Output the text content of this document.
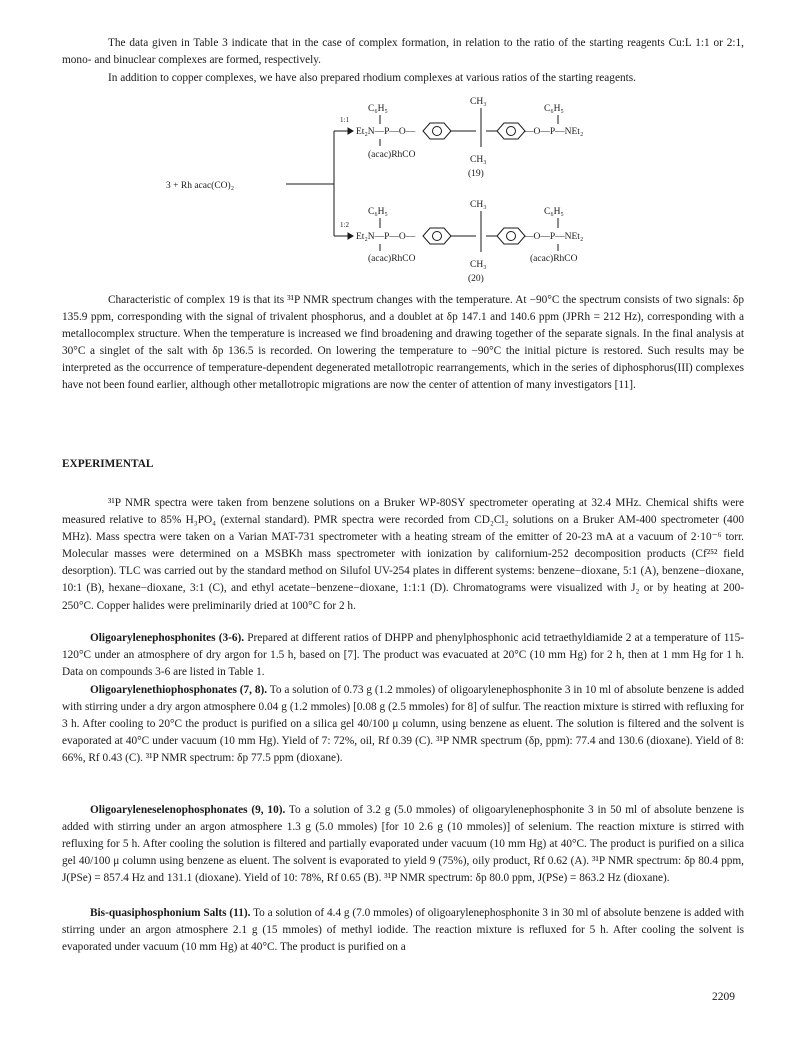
The data given in Table 3 indicate that in the case of complex formation, in relation to the ratio of the starting reagents Cu:L 1:1 or 2:1, mono- and binuclear complexes are formed, respectively.

In addition to copper complexes, we have also prepared rhodium complexes at various ratios of the starting reagents.

C₆H₅
CH₃
C₆H₅
1:1
Et₂N—P—O—	—O—P—NEt₂
(acac)RhCO	CH₃
(19)
3 + Rh acac(CO)₂
C₆H₅
CH₃
C₆H₅
1:2
Et₂N—P—O—	—O—P—NEt₂
(acac)RhCO
CH₃
(acac)RhCO
(20)

Characteristic of complex 19 is that its ³¹P NMR spectrum changes with the temperature. At −90°C the spectrum consists of two signals: δp 135.9 ppm, corresponding with the signal of trivalent phosphorus, and a doublet at δp 147.1 and 140.6 ppm (JPRh = 212 Hz), corresponding with a metallocomplex structure. When the temperature is increased we find broadening and drawing together of the separate signals. In the final analysis at 30°C a singlet of the salt with δp 136.5 is recorded. On lowering the temperature to −90°C the initial picture is restored. Such results may be interpreted as the occurrence of temperature-dependent degenerated metallotropic rearrangements, which in the series of diphosphorus(III) complexes have not been found earlier, although other metallotropic migrations are now the center of attention of many investigators [11].

EXPERIMENTAL

³¹P NMR spectra were taken from benzene solutions on a Bruker WP-80SY spectrometer operating at 32.4 MHz. Chemical shifts were measured relative to 85% H₃PO₄ (external standard). PMR spectra were recorded from CD₂Cl₂ solutions on a Bruker AM-400 spectrometer (400 MHz). Mass spectra were taken on a Varian MAT-731 spectrometer with a heating stream of the emitter of 20-23 mA at a vacuum of 2·10⁻⁶ torr. Molecular masses were determined on a MSBKh mass spectrometer with ionization by californium-252 decomposition products (Cf²⁵² field desorption). TLC was carried out by the standard method on Silufol UV-254 plates in different systems: benzene−dioxane, 5:1 (A), benzene−dioxane, 10:1 (B), hexane−dioxane, 3:1 (C), and ethyl acetate−benzene−dioxane, 1:1:1 (D). Chromatograms were visualized with J₂ or by heating at 200-250°C. Copper halides were preliminarily dried at 100°C for 2 h.

Oligoarylenephosphonites (3-6). Prepared at different ratios of DHPP and phenylphosphonic acid tetraethyldiamide 2 at a temperature of 115-120°C under an atmosphere of dry argon for 1.5 h, based on [7]. The product was evacuated at 20°C (10 mm Hg) for 2 h, then at 1 mm Hg for 1 h. Data on compounds 3-6 are listed in Table 1.

Oligoarylenethiophosphonates (7, 8). To a solution of 0.73 g (1.2 mmoles) of oligoarylenephosphonite 3 in 10 ml of absolute benzene is added with stirring under a dry argon atmosphere 0.04 g (1.2 mmoles) [0.08 g (2.5 mmoles) for 8] of sulfur. The reaction mixture is stirred with refluxing for 3 h. After cooling to 20°C the product is purified on a silica gel 40/100 μ column, using benzene as eluent. The solution is filtered and the solvent is evaporated at 40°C under vacuum (10 mm Hg). Yield of 7: 72%, oil, Rf 0.39 (C). ³¹P NMR spectrum (δp, ppm): 77.4 and 130.6 (dioxane). Yield of 8: 66%, Rf 0.43 (C). ³¹P NMR spectrum: δp 77.5 ppm (dioxane).

Oligoaryleneselenophosphonates (9, 10). To a solution of 3.2 g (5.0 mmoles) of oligoarylenephosphonite 3 in 50 ml of absolute benzene is added with stirring under an argon atmosphere 1.3 g (5.0 mmoles) [for 10 2.6 g (10 mmoles)] of selenium. The reaction mixture is stirred with refluxing for 5 h. After cooling the solution is filtered and partially evaporated under vacuum (10 mm Hg) at 40°C. The product is purified on a silica gel 40/100 μ column using benzene as eluent. The solvent is evaporated to yield 9 (75%), oily product, Rf 0.62 (A). ³¹P NMR spectrum: δp 80.4 ppm, J(PSe) = 857.4 Hz and 131.1 (dioxane). Yield of 10: 78%, Rf 0.65 (B). ³¹P NMR spectrum: δp 80.0 ppm, J(PSe) = 863.2 Hz (dioxane).

Bis-quasiphosphonium Salts (11). To a solution of 4.4 g (7.0 mmoles) of oligoarylenephosphonite 3 in 30 ml of absolute benzene is added with stirring under an argon atmosphere 2.1 g (15 mmoles) of methyl iodide. The reaction mixture is refluxed for 5 h. After cooling the solvent is evaporated under vacuum (10 mm Hg) at 40°C. The product is purified on a

2209
